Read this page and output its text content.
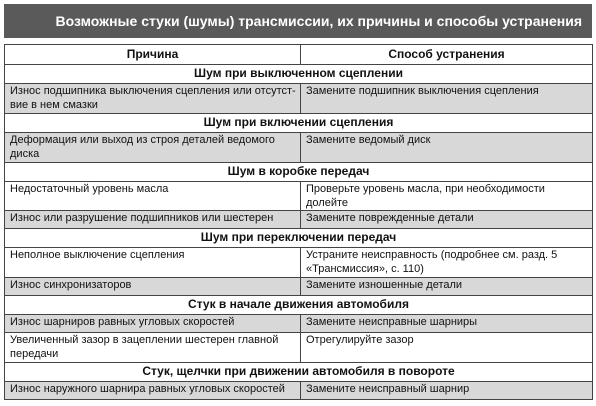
Возможные стуки (шумы) трансмиссии, их причины и способы устранения
Причина	Способ устранения
Шум при выключенном сцеплении	
Износ подшипника выключения сцепления или отсутствие в нем смазки	Замените подшипник выключения сцепления
Шум при включении сцепления	
Деформация или выход из строя деталей ведомого диска	Замените ведомый диск
Шум в коробке передач	
Недостаточный уровень масла	Проверьте уровень масла, при необходимости долейте
Износ или разрушение подшипников или шестерен	Замените поврежденные детали
Шум при переключении передач	
Неполное выключение сцепления	Устраните неисправность (подробнее см. разд. 5 «Трансмиссия», с. 110)
Износ синхронизаторов	Замените изношенные детали
Стук в начале движения автомобиля	
Износ шарниров равных угловых скоростей	Замените неисправные шарниры
Увеличенный зазор в зацеплении шестерен главной передачи	Отрегулируйте зазор
Стук, щелчки при движении автомобиля в повороте	
Износ наружного шарнира равных угловых скоростей	Замените неисправный шарнир
